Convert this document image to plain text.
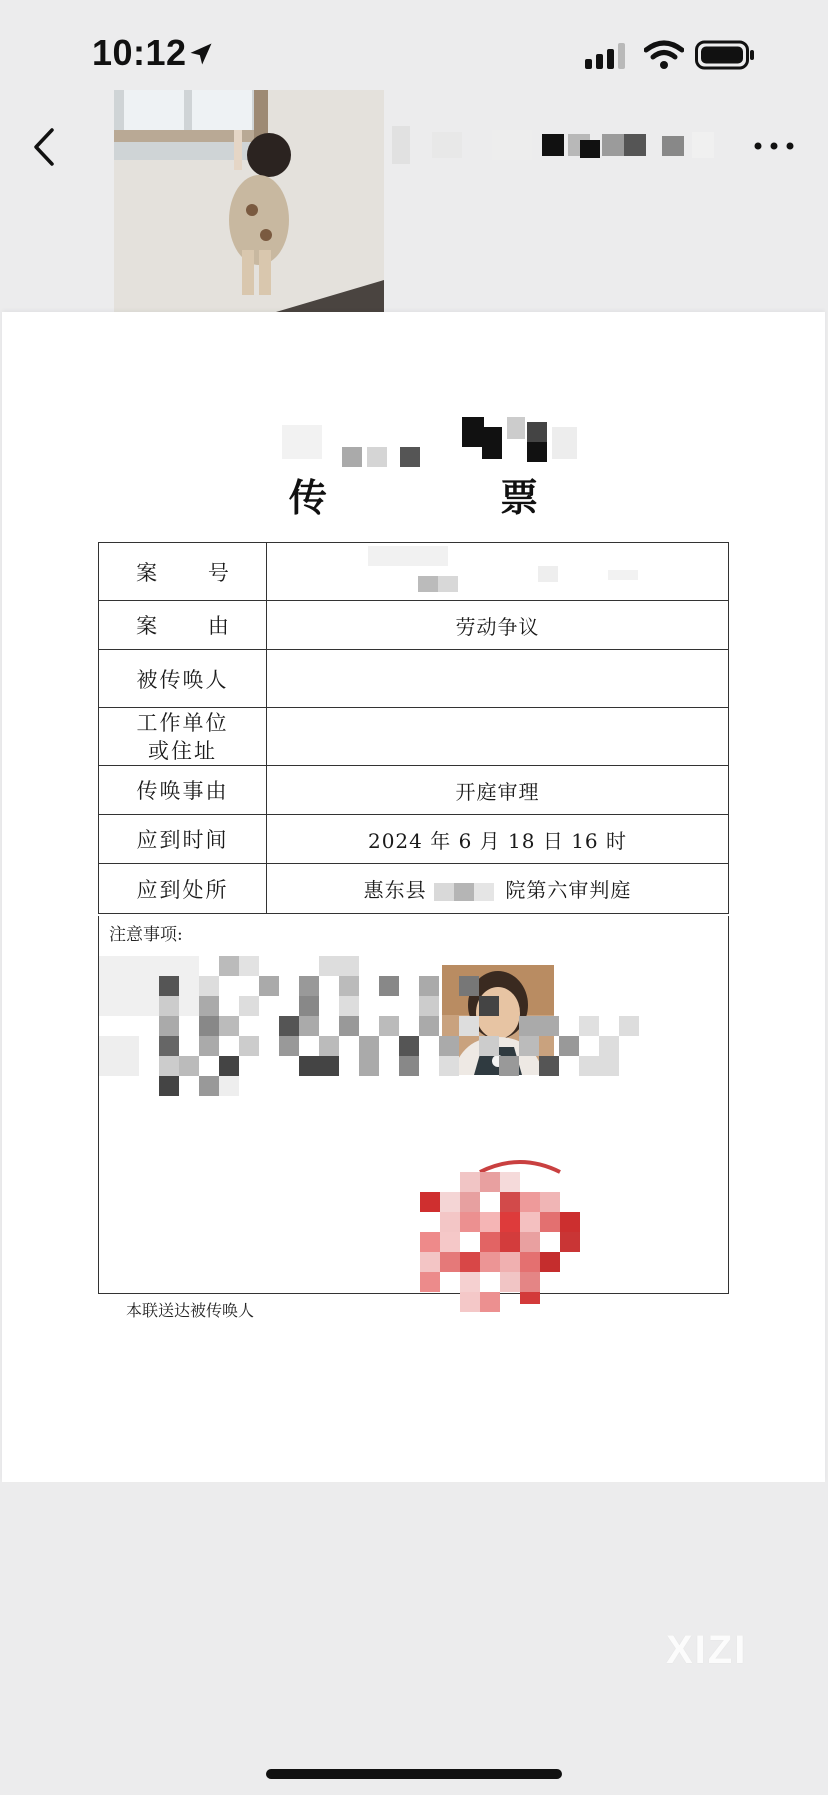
10:12
传 票
案 号	
案 由	劳动争议
被传唤人	

工作单位
或住址	

传唤事由	开庭审理
应到时间	2024 年 6 月 18 日 16 时
应到处所	惠东县 院第六审判庭
注意事项:
本联送达被传唤人
XIZI
